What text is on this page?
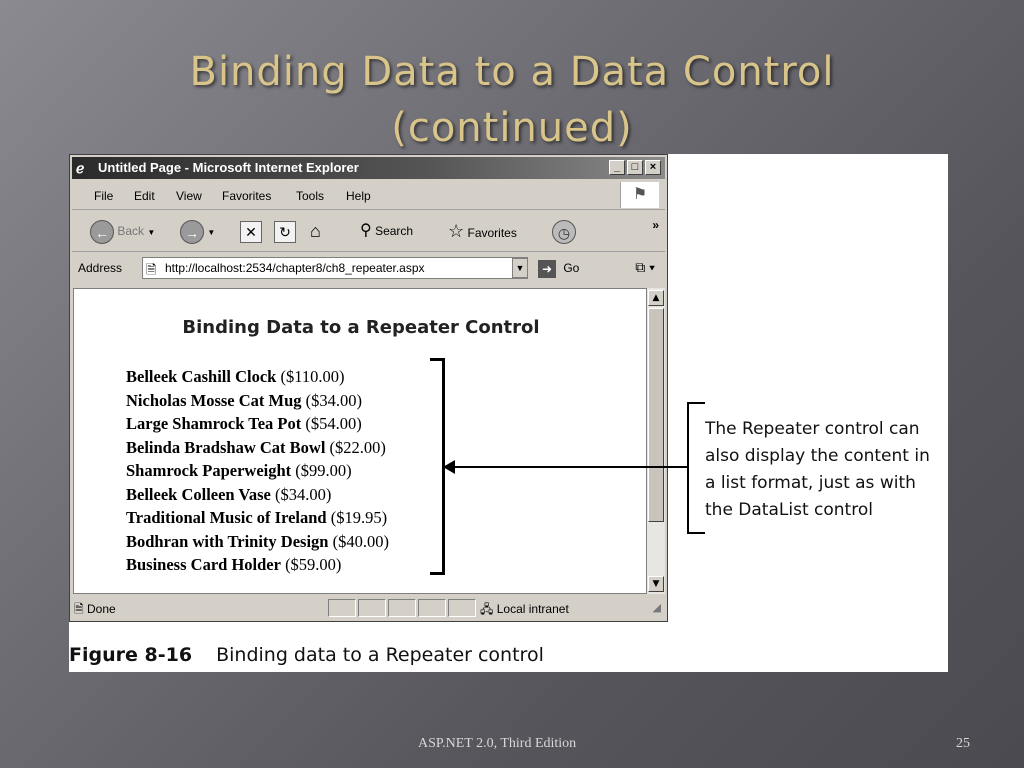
Binding Data to a Data Control
(continued)
ℯ	Untitled Page - Microsoft Internet Explorer	_	□	×
File Edit View Favorites Tools Help	⚑
← Back ▼	→ ▼	✕	↻ ⌂ ⚲ Search ☆ Favorites	◷	»
Address 🗎 http://localhost:2534/chapter8/ch8_repeater.aspx	▼	➜ Go	⧉ ▾
Binding Data to a Repeater Control
Belleek Cashill Clock ($110.00)
Nicholas Mosse Cat Mug ($34.00)
Large Shamrock Tea Pot ($54.00)
Belinda Bradshaw Cat Bowl ($22.00)
Shamrock Paperweight ($99.00)
Belleek Colleen Vase ($34.00)
Traditional Music of Ireland ($19.95)
Bodhran with Trinity Design ($40.00)
Business Card Holder ($59.00)
▲
▼
🗎 Done	🖧 Local intranet	◢
The Repeater control can
also display the content in
a list format, just as with
the DataList control
Figure 8-16 Binding data to a Repeater control
ASP.NET 2.0, Third Edition	25
